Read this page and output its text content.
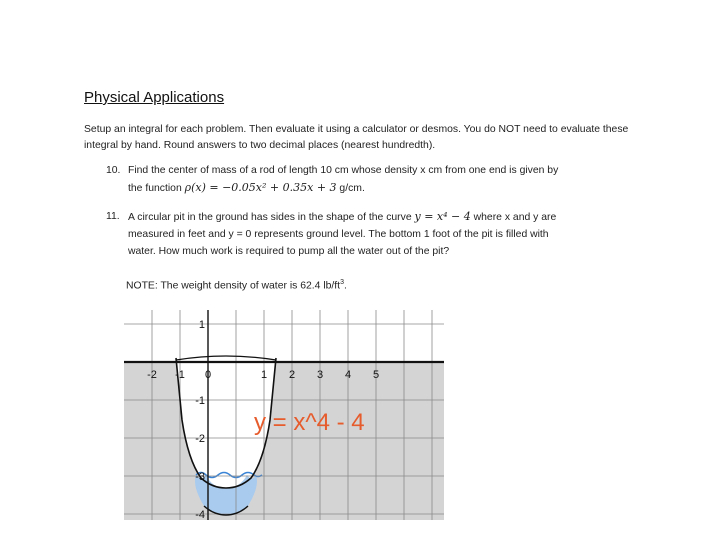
Physical Applications
Setup an integral for each problem. Then evaluate it using a calculator or desmos. You do NOT need to evaluate these integral by hand. Round answers to two decimal places (nearest hundredth).
10. Find the center of mass of a rod of length 10 cm whose density x cm from one end is given by
the function ρ(x) = −0.05x² + 0.35x + 3 g/cm.
11. A circular pit in the ground has sides in the shape of the curve y = x⁴ − 4 where x and y are
measured in feet and y = 0 represents ground level. The bottom 1 foot of the pit is filled with
water. How much work is required to pump all the water out of the pit?
NOTE: The weight density of water is 62.4 $lb/ft^3$.
-2 -1 0	1 2 3 4 5
1
-1
-2
-3
-4
y = x^4 - 4
